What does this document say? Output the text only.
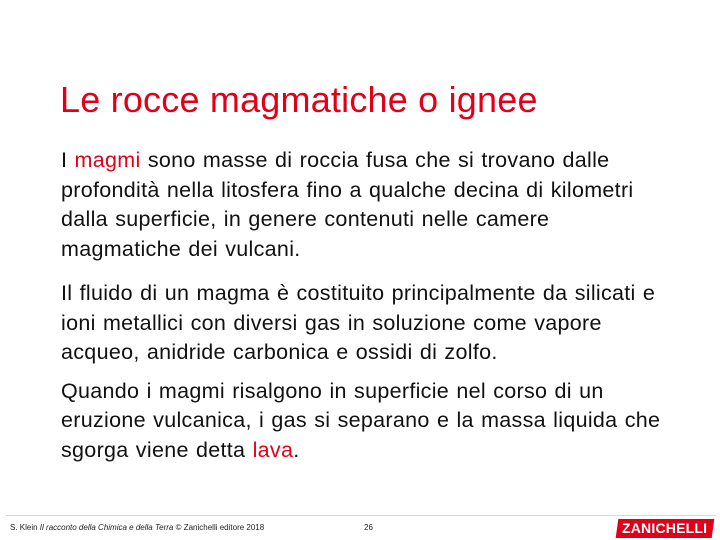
Le rocce magmatiche o ignee

I magmi sono masse di roccia fusa che si trovano dalle profondità nella litosfera fino a qualche decina di kilometri dalla superficie, in genere contenuti nelle camere magmatiche dei vulcani.

Il fluido di un magma è costituito principalmente da silicati e ioni metallici con diversi gas in soluzione come vapore acqueo, anidride carbonica e ossidi di zolfo.

Quando i magmi risalgono in superficie nel corso di un eruzione vulcanica, i gas si separano e la massa liquida che sgorga viene detta lava.

S. Klein Il racconto della Chimica e della Terra © Zanichelli editore 2018	26	ZANICHELLI
